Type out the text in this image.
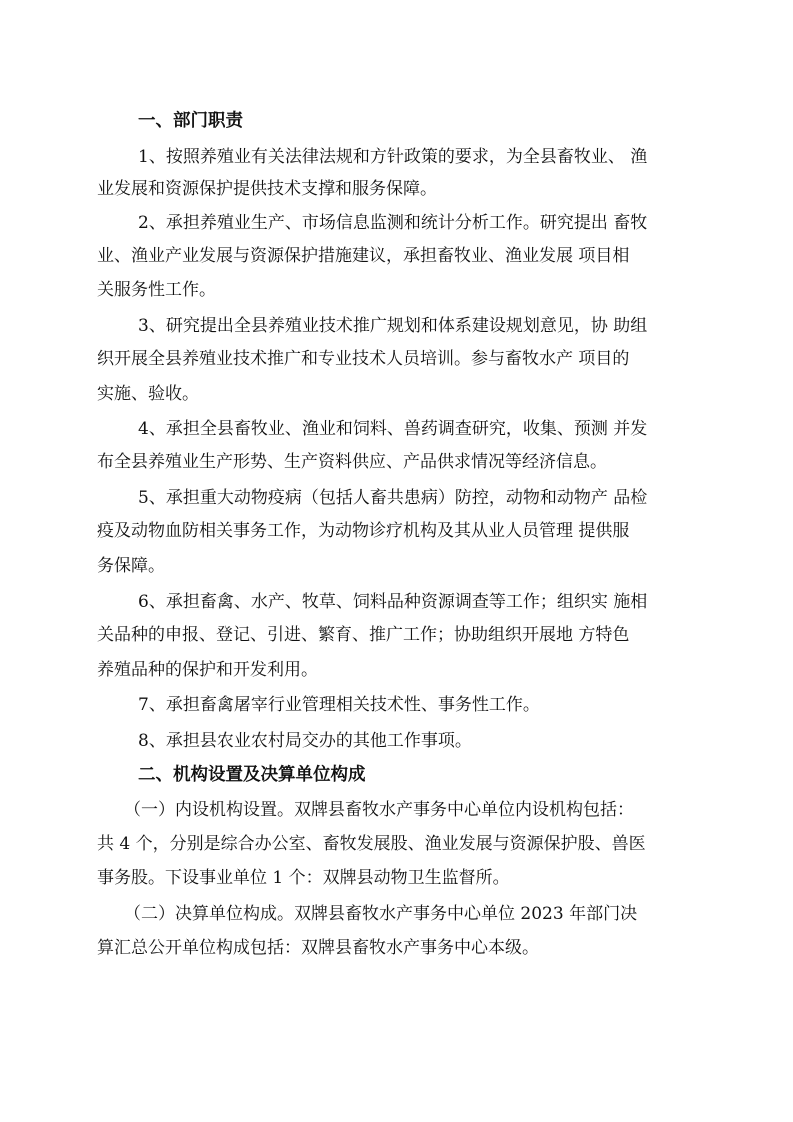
一、部门职责
1、按照养殖业有关法律法规和方针政策的要求，为全县畜牧业、 渔
业发展和资源保护提供技术支撑和服务保障。
2、承担养殖业生产、市场信息监测和统计分析工作。研究提出 畜牧
业、渔业产业发展与资源保护措施建议，承担畜牧业、渔业发展 项目相
关服务性工作。
3、研究提出全县养殖业技术推广规划和体系建设规划意见，协 助组
织开展全县养殖业技术推广和专业技术人员培训。参与畜牧水产 项目的
实施、验收。
4、承担全县畜牧业、渔业和饲料、兽药调查研究，收集、预测 并发
布全县养殖业生产形势、生产资料供应、产品供求情况等经济信息。
5、承担重大动物疫病（包括人畜共患病）防控，动物和动物产 品检
疫及动物血防相关事务工作，为动物诊疗机构及其从业人员管理 提供服
务保障。
6、承担畜禽、水产、牧草、饲料品种资源调查等工作；组织实 施相
关品种的申报、登记、引进、繁育、推广工作；协助组织开展地 方特色
养殖品种的保护和开发利用。
7、承担畜禽屠宰行业管理相关技术性、事务性工作。
8、承担县农业农村局交办的其他工作事项。
二、机构设置及决算单位构成
（一）内设机构设置。双牌县畜牧水产事务中心单位内设机构包括：
共 4 个，分别是综合办公室、畜牧发展股、渔业发展与资源保护股、兽医
事务股。下设事业单位 1 个：双牌县动物卫生监督所。
（二）决算单位构成。双牌县畜牧水产事务中心单位 2023 年部门决
算汇总公开单位构成包括：双牌县畜牧水产事务中心本级。
